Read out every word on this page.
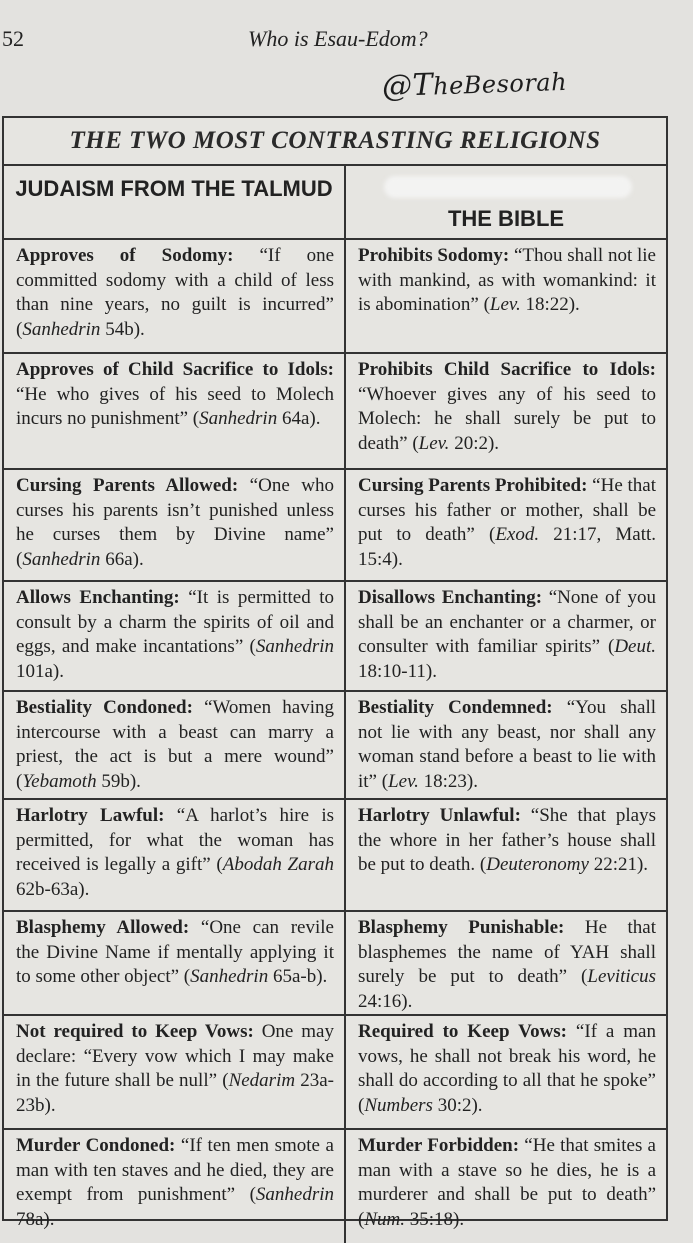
52	Who is Esau-Edom?
@TheBesorah
THE TWO MOST CONTRASTING RELIGIONS
JUDAISM FROM THE TALMUD
THE BIBLE
Approves of Sodomy: “If one committed sodomy with a child of less than nine years, no guilt is incurred” (Sanhedrin 54b).
Prohibits Sodomy: “Thou shall not lie with mankind, as with womankind: it is abomination” (Lev. 18:22).
Approves of Child Sacrifice to Idols: “He who gives of his seed to Molech incurs no punishment” (Sanhedrin 64a).
Prohibits Child Sacrifice to Idols: “Whoever gives any of his seed to Molech: he shall surely be put to death” (Lev. 20:2).
Cursing Parents Allowed: “One who curses his parents isn’t punished unless he curses them by Divine name” (Sanhedrin 66a).
Cursing Parents Prohibited: “He that curses his father or mother, shall be put to death” (Exod. 21:17, Matt. 15:4).
Allows Enchanting: “It is permitted to consult by a charm the spirits of oil and eggs, and make incantations” (Sanhedrin 101a).
Disallows Enchanting: “None of you shall be an enchanter or a charmer, or consulter with familiar spirits” (Deut. 18:10-11).
Bestiality Condoned: “Women having intercourse with a beast can marry a priest, the act is but a mere wound” (Yebamoth 59b).
Bestiality Condemned: “You shall not lie with any beast, nor shall any woman stand before a beast to lie with it” (Lev. 18:23).
Harlotry Lawful: “A harlot’s hire is permitted, for what the woman has received is legally a gift” (Abodah Zarah 62b-63a).
Harlotry Unlawful: “She that plays the whore in her father’s house shall be put to death. (Deuteronomy 22:21).
Blasphemy Allowed: “One can revile the Divine Name if mentally applying it to some other object” (Sanhedrin 65a-b).
Blasphemy Punishable: He that blasphemes the name of YAH shall surely be put to death” (Leviticus 24:16).
Not required to Keep Vows: One may declare: “Every vow which I may make in the future shall be null” (Nedarim 23a-23b).
Required to Keep Vows: “If a man vows, he shall not break his word, he shall do according to all that he spoke” (Numbers 30:2).
Murder Condoned: “If ten men smote a man with ten staves and he died, they are exempt from punishment” (Sanhedrin 78a).
Murder Forbidden: “He that smites a man with a stave so he dies, he is a murderer and shall be put to death” (Num. 35:18).
